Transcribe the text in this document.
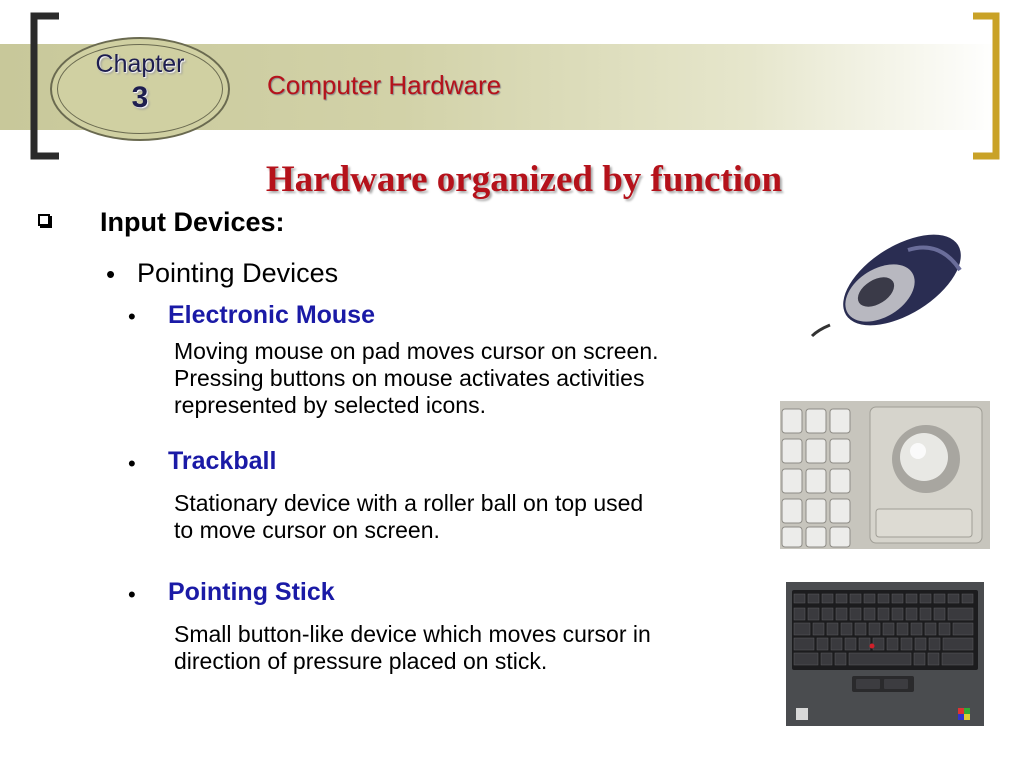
Chapter
3	Computer Hardware
Hardware organized by function
Input Devices:
• Pointing Devices
• Electronic Mouse
Moving mouse on pad moves cursor on screen.
Pressing buttons on mouse activates activities
represented by selected icons.
• Trackball
Stationary device with a roller ball on top used
to move cursor on screen.
• Pointing Stick
Small button-like device which moves cursor in
direction of pressure placed on stick.
